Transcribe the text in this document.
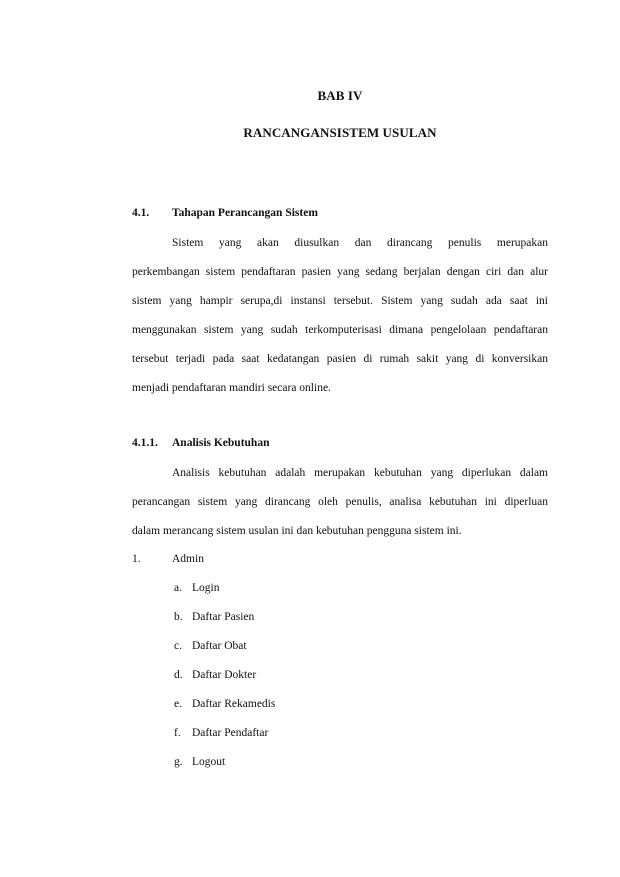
BAB IV
RANCANGANSISTEM USULAN
4.1. Tahapan Perancangan Sistem
Sistem yang akan diusulkan dan dirancang penulis merupakan
perkembangan sistem pendaftaran pasien yang sedang berjalan dengan ciri dan alur
sistem yang hampir serupa,di instansi tersebut. Sistem yang sudah ada saat ini
menggunakan sistem yang sudah terkomputerisasi dimana pengelolaan pendaftaran
tersebut terjadi pada saat kedatangan pasien di rumah sakit yang di konversikan
menjadi pendaftaran mandiri secara online.
4.1.1. Analisis Kebutuhan
Analisis kebutuhan adalah merupakan kebutuhan yang diperlukan dalam
perancangan sistem yang dirancang oleh penulis, analisa kebutuhan ini diperluan
dalam merancang sistem usulan ini dan kebutuhan pengguna sistem ini.
1.	Admin
a. Login
b. Daftar Pasien
c. Daftar Obat
d. Daftar Dokter
e. Daftar Rekamedis
f. Daftar Pendaftar
g. Logout
